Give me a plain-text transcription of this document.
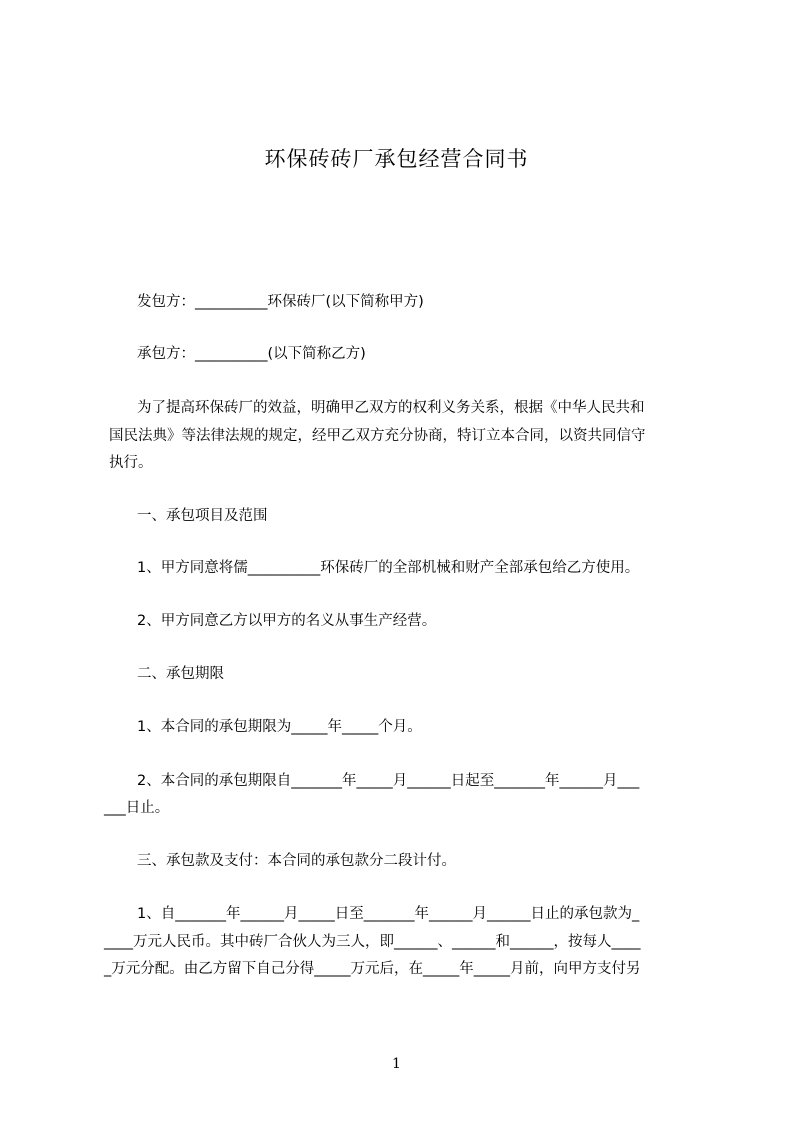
环保砖砖厂承包经营合同书
发包方：__________环保砖厂(以下简称甲方)
承包方：__________(以下简称乙方)
为了提高环保砖厂的效益，明确甲乙双方的权利义务关系，根据《中华人民共和
国民法典》等法律法规的规定，经甲乙双方充分协商，特订立本合同，以资共同信守
执行。
一、承包项目及范围
1、甲方同意将儒__________环保砖厂的全部机械和财产全部承包给乙方使用。
2、甲方同意乙方以甲方的名义从事生产经营。
二、承包期限
1、本合同的承包期限为_____年_____个月。
2、本合同的承包期限自_______年_____月______日起至_______年______月___
___日止。
三、承包款及支付：本合同的承包款分二段计付。
1、自_______年______月_____日至_______年______月______日止的承包款为_
____万元人民币。其中砖厂合伙人为三人，即______、______和______，按每人____
_万元分配。由乙方留下自己分得_____万元后，在_____年_____月前，向甲方支付另
1
